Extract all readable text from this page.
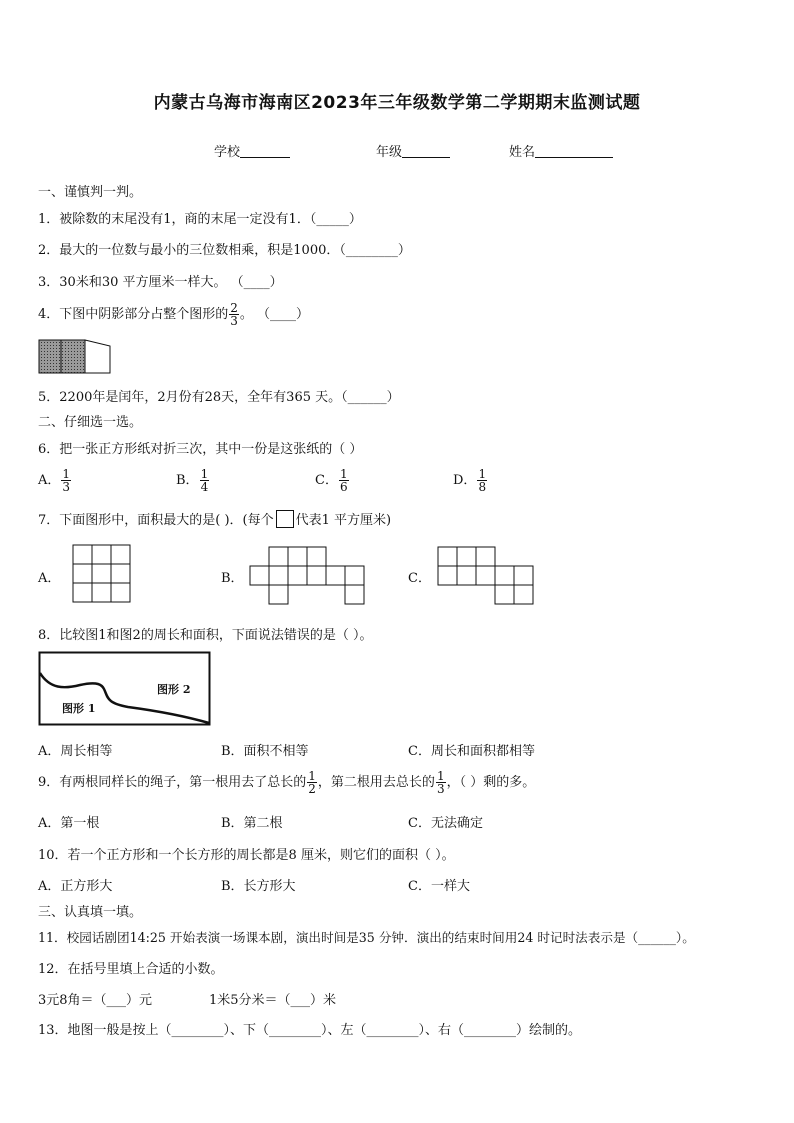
内蒙古乌海市海南区2023年三年级数学第二学期期末监测试题
学校	年级	姓名
一、谨慎判一判。
1．被除数的末尾没有1，商的末尾一定没有1．（_____）
2．最大的一位数与最小的三位数相乘，积是1000．（________）
3．30米和30 平方厘米一样大。 （____）
4．下图中阴影部分占整个图形的 $\frac{2}{3}$ 。 （____）
5．2200年是闰年，2月份有28天，全年有365 天。（______）
二、仔细选一选。
6．把一张正方形纸对折三次，其中一份是这张纸的（ ）
A． $\frac{1}{3}$	B． $\frac{1}{4}$	C． $\frac{1}{6}$	D． $\frac{1}{8}$
7．下面图形中，面积最大的是( )．(每个 代表1 平方厘米)
A．	B．	C．
8．比较图1和图2的周长和面积，下面说法错误的是（ ）。
图形 1
图形 2
A．周长相等	B．面积不相等	C．周长和面积都相等
9．有两根同样长的绳子，第一根用去了总长的 $\frac{1}{2}$ ，第二根用去总长的 $\frac{1}{3}$ ，（ ）剩的多。
A．第一根	B．第二根	C．无法确定
10．若一个正方形和一个长方形的周长都是8 厘米，则它们的面积（ ）。
A．正方形大	B．长方形大	C．一样大
三、认真填一填。
11．校园话剧团14:25 开始表演一场课本剧，演出时间是35 分钟．演出的结束时间用24 时记时法表示是（______）。
12．在括号里填上合适的小数。
3元8角＝（___）元	1米5分米＝（___）米
13．地图一般是按上（________）、下（________）、左（________）、右（________）绘制的。
